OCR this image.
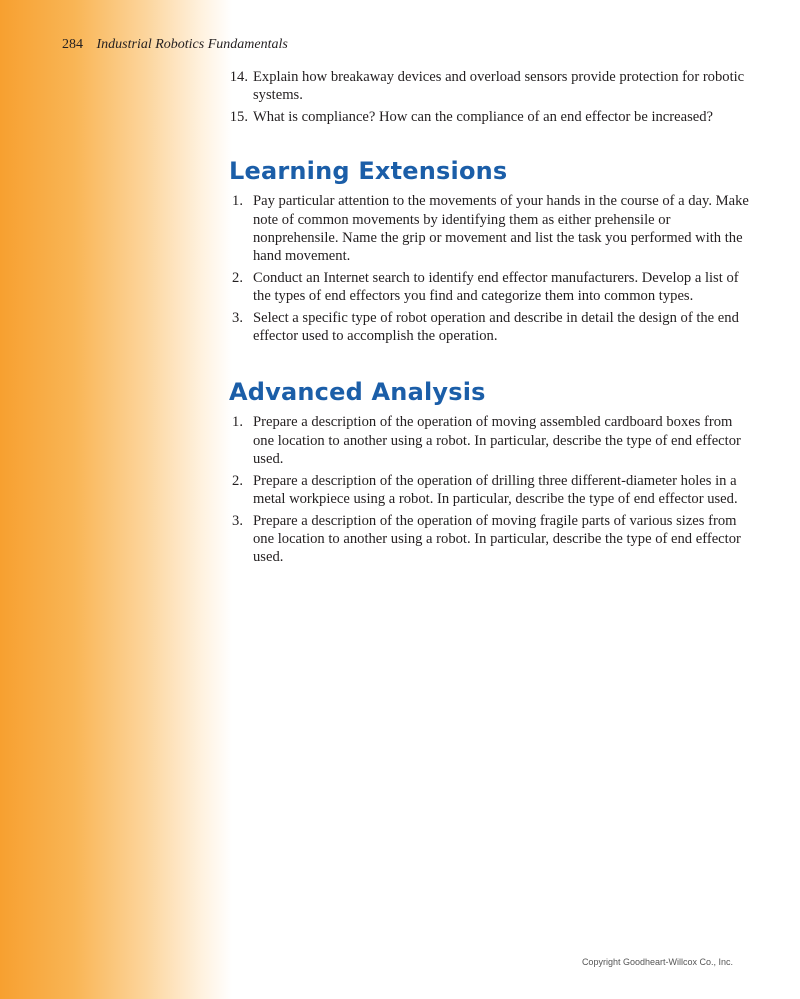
284 Industrial Robotics Fundamentals
14. Explain how breakaway devices and overload sensors provide protection for robotic systems.
15. What is compliance? How can the compliance of an end effector be increased?
Learning Extensions
1. Pay particular attention to the movements of your hands in the course of a day. Make note of common movements by identifying them as either prehensile or nonprehensile. Name the grip or movement and list the task you performed with the hand movement.
2. Conduct an Internet search to identify end effector manufacturers. Develop a list of the types of end effectors you find and categorize them into common types.
3. Select a specific type of robot operation and describe in detail the design of the end effector used to accomplish the operation.
Advanced Analysis
1. Prepare a description of the operation of moving assembled cardboard boxes from one location to another using a robot. In particular, describe the type of end effector used.
2. Prepare a description of the operation of drilling three different-diameter holes in a metal workpiece using a robot. In particular, describe the type of end effector used.
3. Prepare a description of the operation of moving fragile parts of various sizes from one location to another using a robot. In particular, describe the type of end effector used.
Copyright Goodheart-Willcox Co., Inc.
